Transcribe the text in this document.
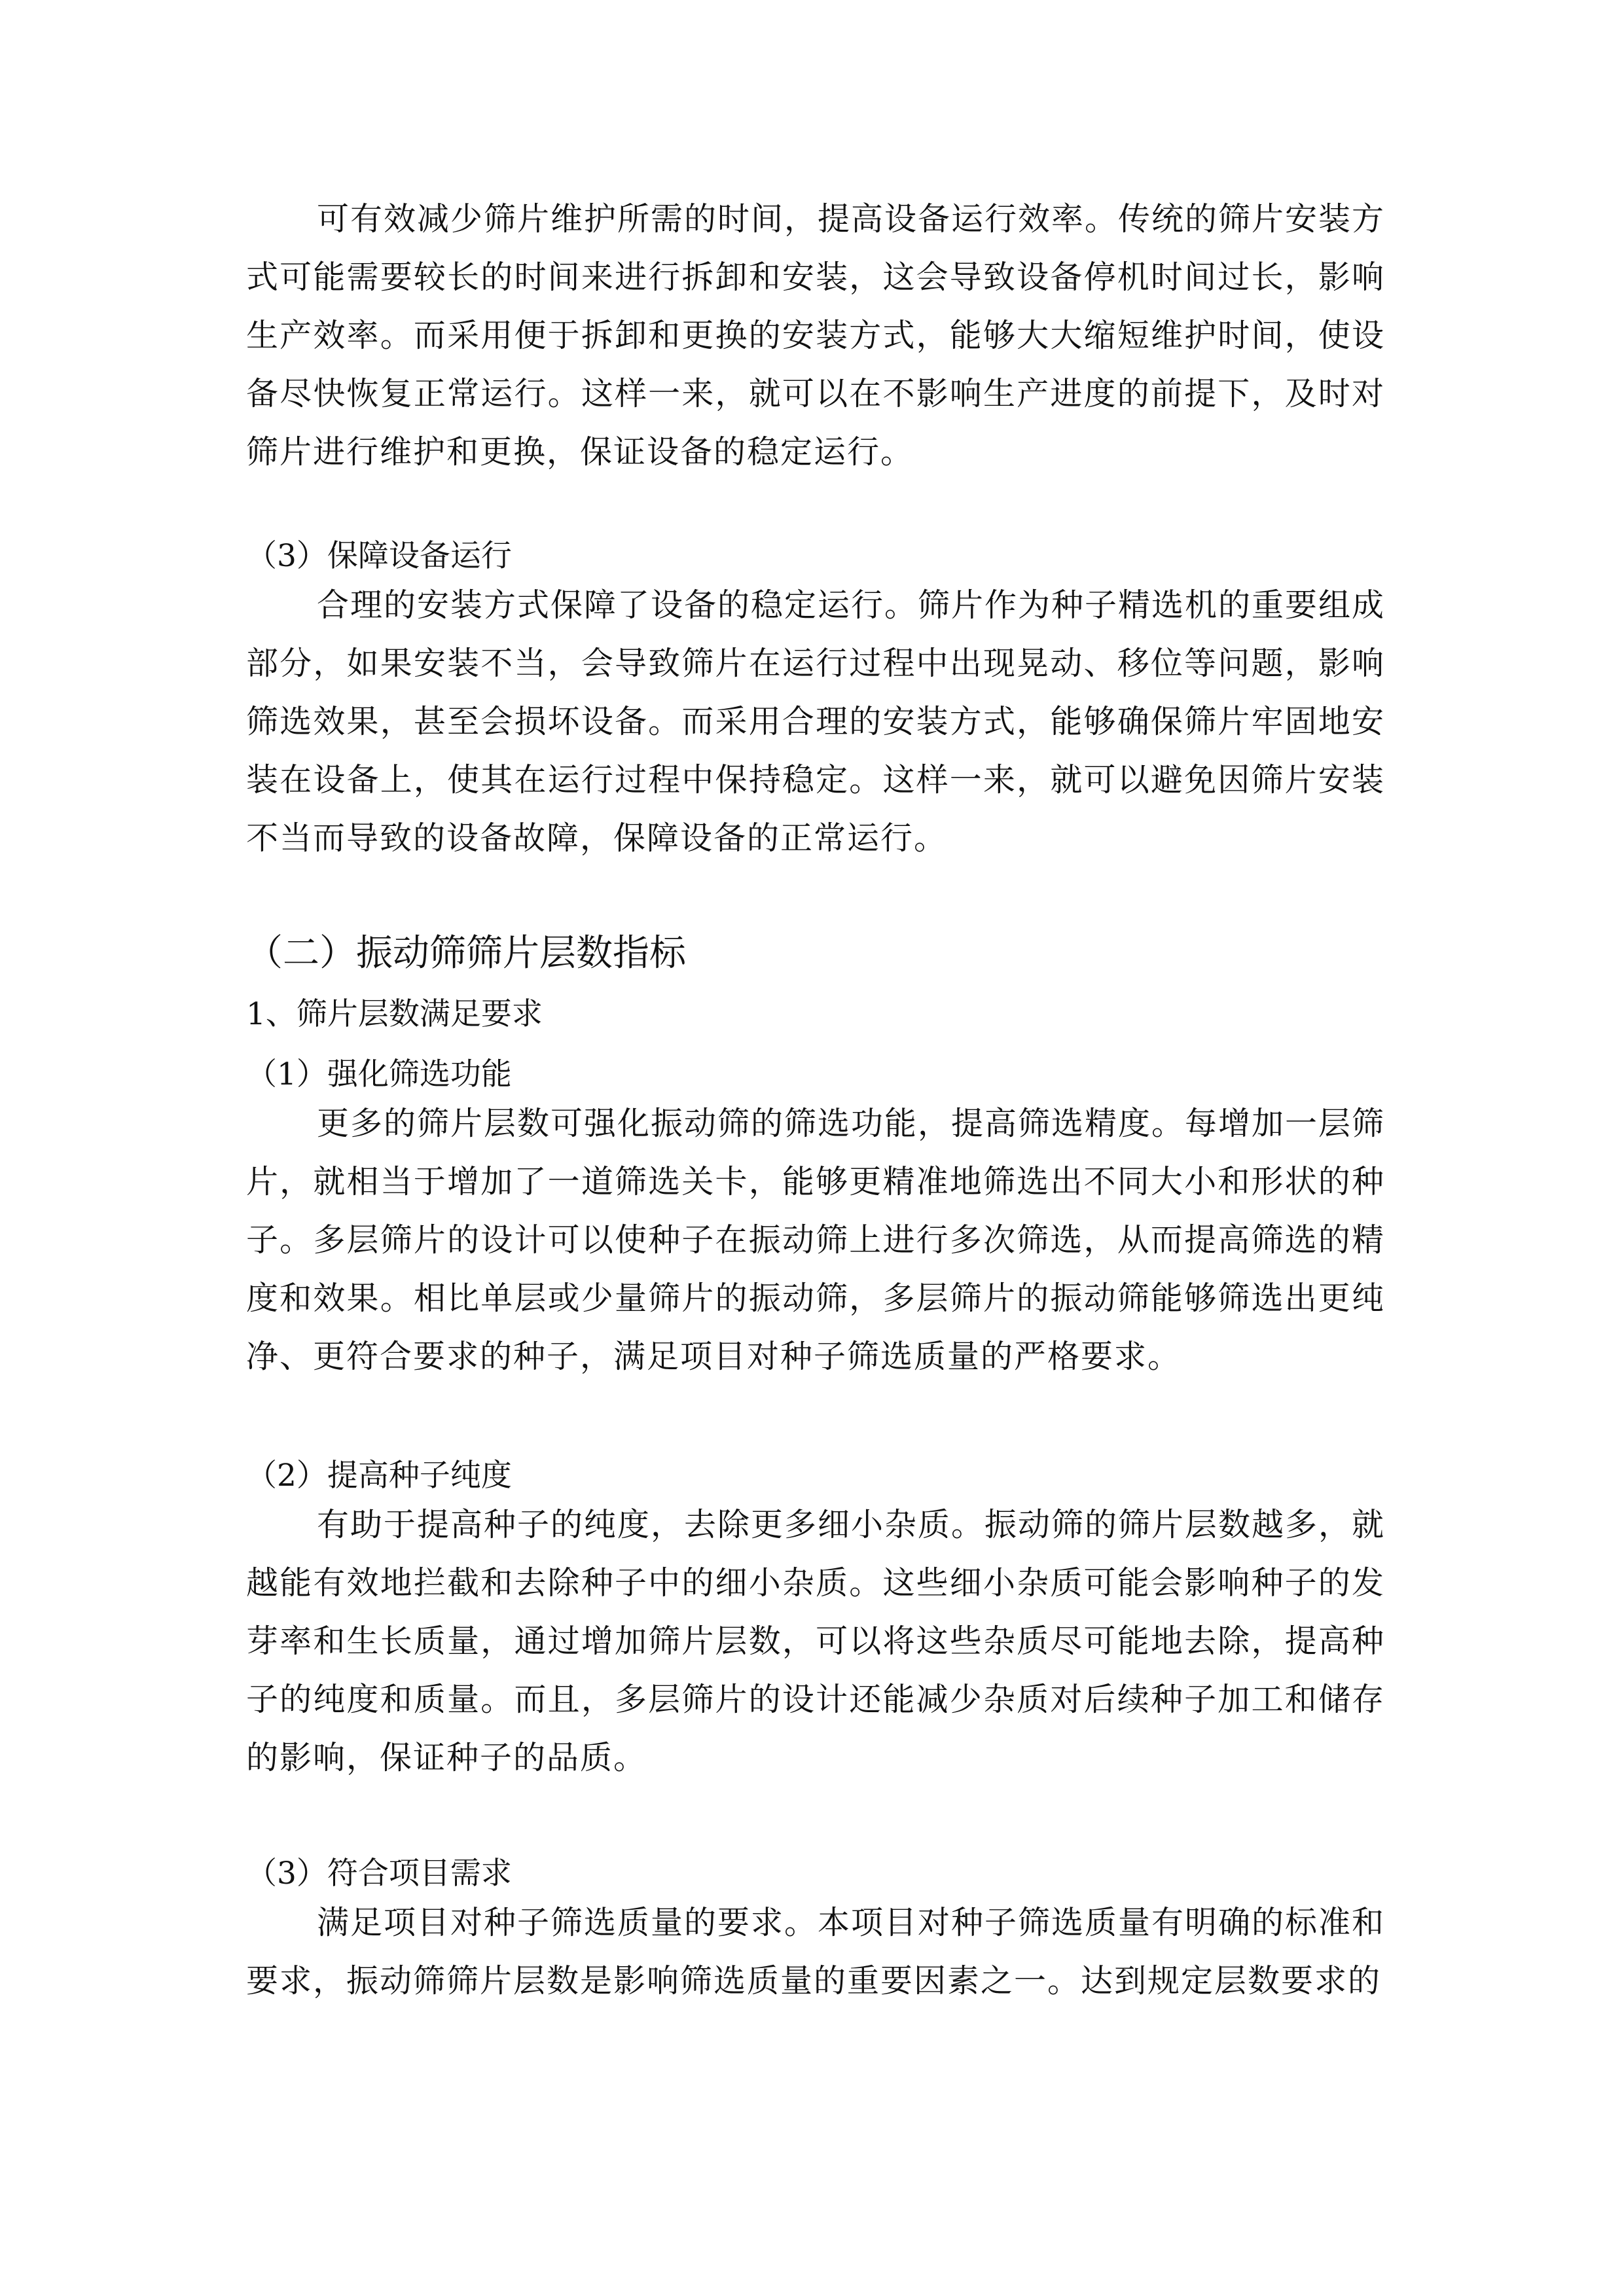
可有效减少筛片维护所需的时间，提高设备运行效率。传统的筛片安装方式可能需要较长的时间来进行拆卸和安装，这会导致设备停机时间过长，影响生产效率。而采用便于拆卸和更换的安装方式，能够大大缩短维护时间，使设备尽快恢复正常运行。这样一来，就可以在不影响生产进度的前提下，及时对筛片进行维护和更换，保证设备的稳定运行。

（3）保障设备运行

合理的安装方式保障了设备的稳定运行。筛片作为种子精选机的重要组成部分，如果安装不当，会导致筛片在运行过程中出现晃动、移位等问题，影响筛选效果，甚至会损坏设备。而采用合理的安装方式，能够确保筛片牢固地安装在设备上，使其在运行过程中保持稳定。这样一来，就可以避免因筛片安装不当而导致的设备故障，保障设备的正常运行。

（二）振动筛筛片层数指标
1、筛片层数满足要求
（1）强化筛选功能

更多的筛片层数可强化振动筛的筛选功能，提高筛选精度。每增加一层筛片，就相当于增加了一道筛选关卡，能够更精准地筛选出不同大小和形状的种子。多层筛片的设计可以使种子在振动筛上进行多次筛选，从而提高筛选的精度和效果。相比单层或少量筛片的振动筛，多层筛片的振动筛能够筛选出更纯净、更符合要求的种子，满足项目对种子筛选质量的严格要求。

（2）提高种子纯度

有助于提高种子的纯度，去除更多细小杂质。振动筛的筛片层数越多，就越能有效地拦截和去除种子中的细小杂质。这些细小杂质可能会影响种子的发芽率和生长质量，通过增加筛片层数，可以将这些杂质尽可能地去除，提高种子的纯度和质量。而且，多层筛片的设计还能减少杂质对后续种子加工和储存的影响，保证种子的品质。

（3）符合项目需求

满足项目对种子筛选质量的要求。本项目对种子筛选质量有明确的标准和要求，振动筛筛片层数是影响筛选质量的重要因素之一。达到规定层数要求的
